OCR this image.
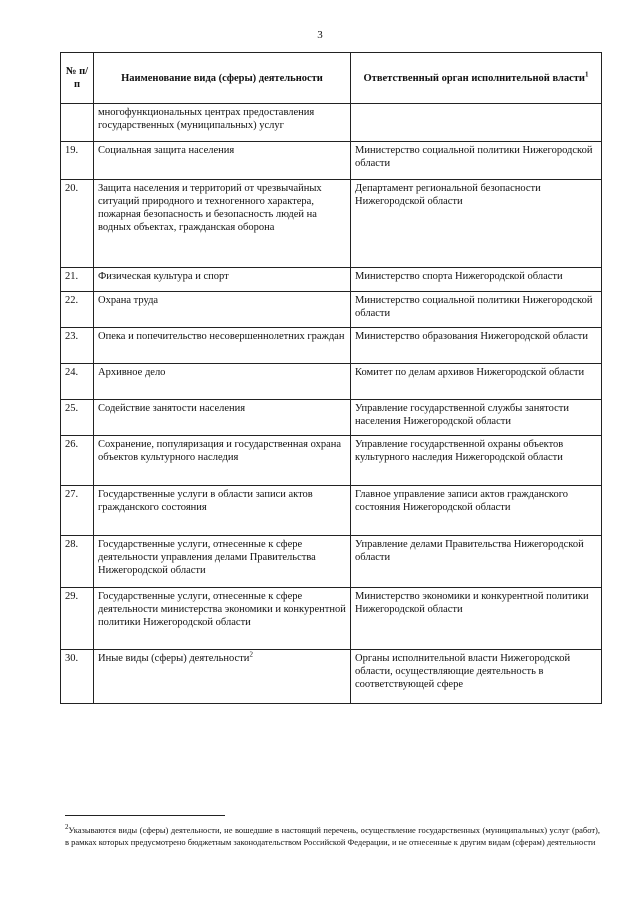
3
№ п/п	Наименование вида (сферы) деятельности	Ответственный орган исполнительной власти$^1$
	многофункциональных центрах предоставления государственных (муниципальных) услуг	
19.	Социальная защита населения	Министерство социальной политики Нижегородской области
20.	Защита населения и территорий от чрезвычайных ситуаций природного и техногенного характера, пожарная безопасность и безопасность людей на водных объектах, гражданская оборона	Департамент региональной безопасности Нижегородской области
21.	Физическая культура и спорт	Министерство спорта Нижегородской области
22.	Охрана труда	Министерство социальной политики Нижегородской области
23.	Опека и попечительство несовершеннолетних граждан	Министерство образования Нижегородской области
24.	Архивное дело	Комитет по делам архивов Нижегородской области
25.	Содействие занятости населения	Управление государственной службы занятости населения Нижегородской области
26.	Сохранение, популяризация и государственная охрана объектов культурного наследия	Управление государственной охраны объектов культурного наследия Нижегородской области
27.	Государственные услуги в области записи актов гражданского состояния	Главное управление записи актов гражданского состояния Нижегородской области
28.	Государственные услуги, отнесенные к сфере деятельности управления делами Правительства Нижегородской области	Управление делами Правительства Нижегородской области
29.	Государственные услуги, отнесенные к сфере деятельности министерства экономики и конкурентной политики Нижегородской области	Министерство экономики и конкурентной политики Нижегородской области
30.	Иные виды (сферы) деятельности$^2$	Органы исполнительной власти Нижегородской области, осуществляющие деятельность в соответствующей сфере
$^2$Указываются виды (сферы) деятельности, не вошедшие в настоящий перечень, осуществление государственных (муниципальных) услуг (работ), в рамках которых предусмотрено бюджетным законодательством Российской Федерации, и не отнесенные к другим видам (сферам) деятельности
